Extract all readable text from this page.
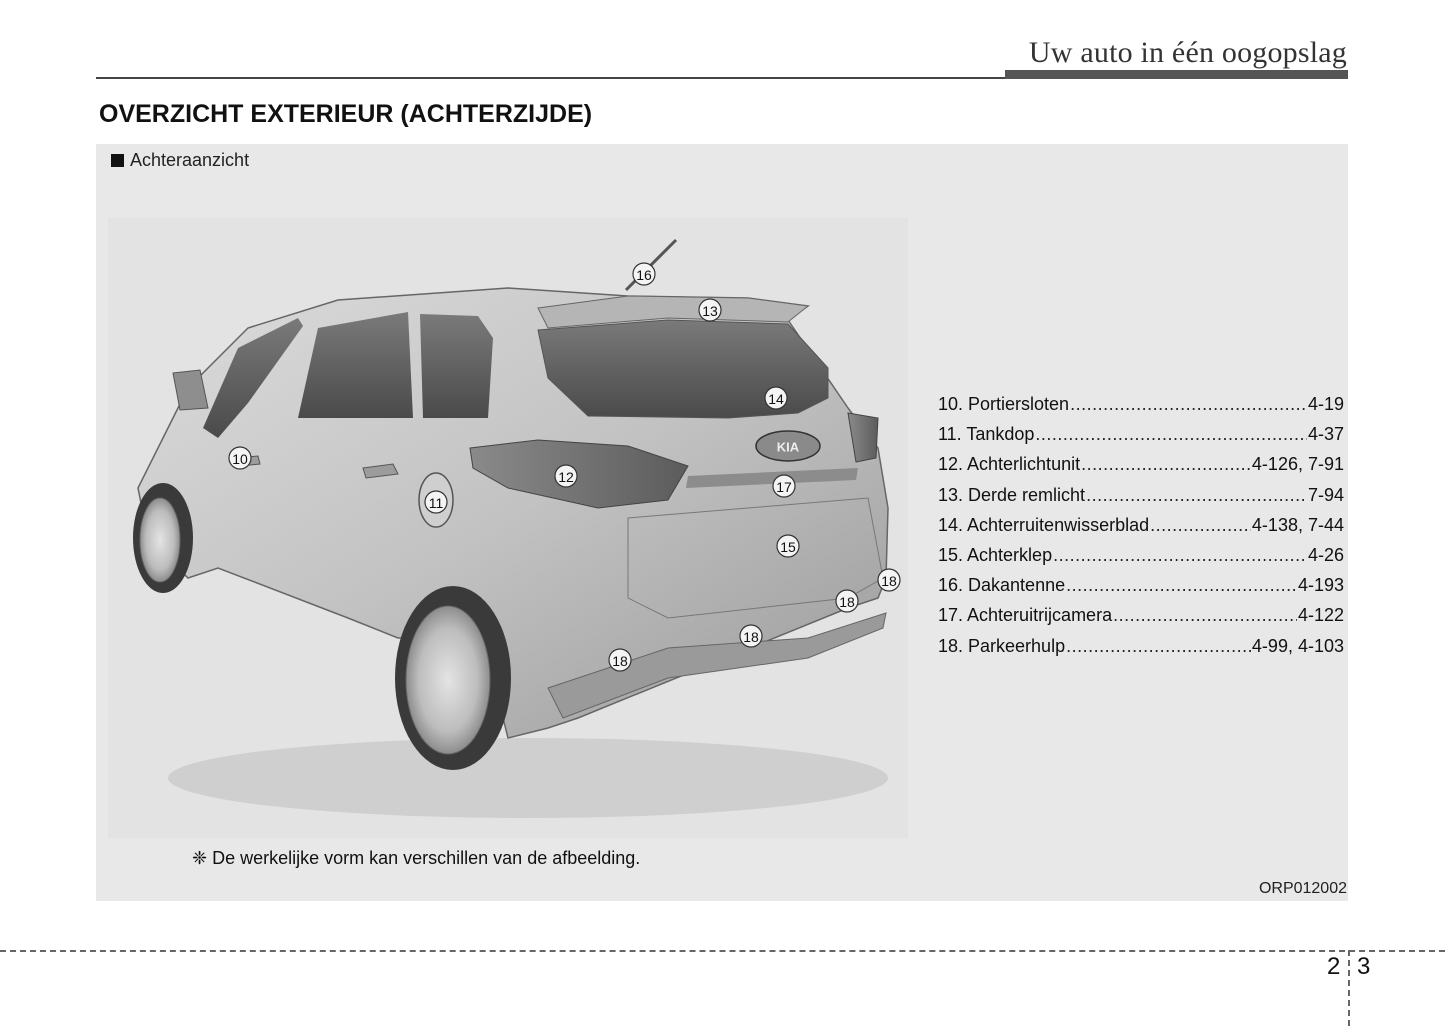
Uw auto in één oogopslag
OVERZICHT EXTERIEUR (ACHTERZIJDE)
Achteraanzicht
KIA
10
11
12
13
14
15
16
17
18
18
18
18
10. Portiersloten .....	4-19
11. Tankdop .....	4-37
12. Achterlichtunit .....	4-126, 7-91
13. Derde remlicht .....	7-94
14. Achterruitenwisserblad .....	4-138, 7-44
15. Achterklep .....	4-26
16. Dakantenne .....	4-193
17. Achteruitrijcamera .....	4-122
18. Parkeerhulp .....	4-99, 4-103
❈ De werkelijke vorm kan verschillen van de afbeelding.
ORP012002
2 3
